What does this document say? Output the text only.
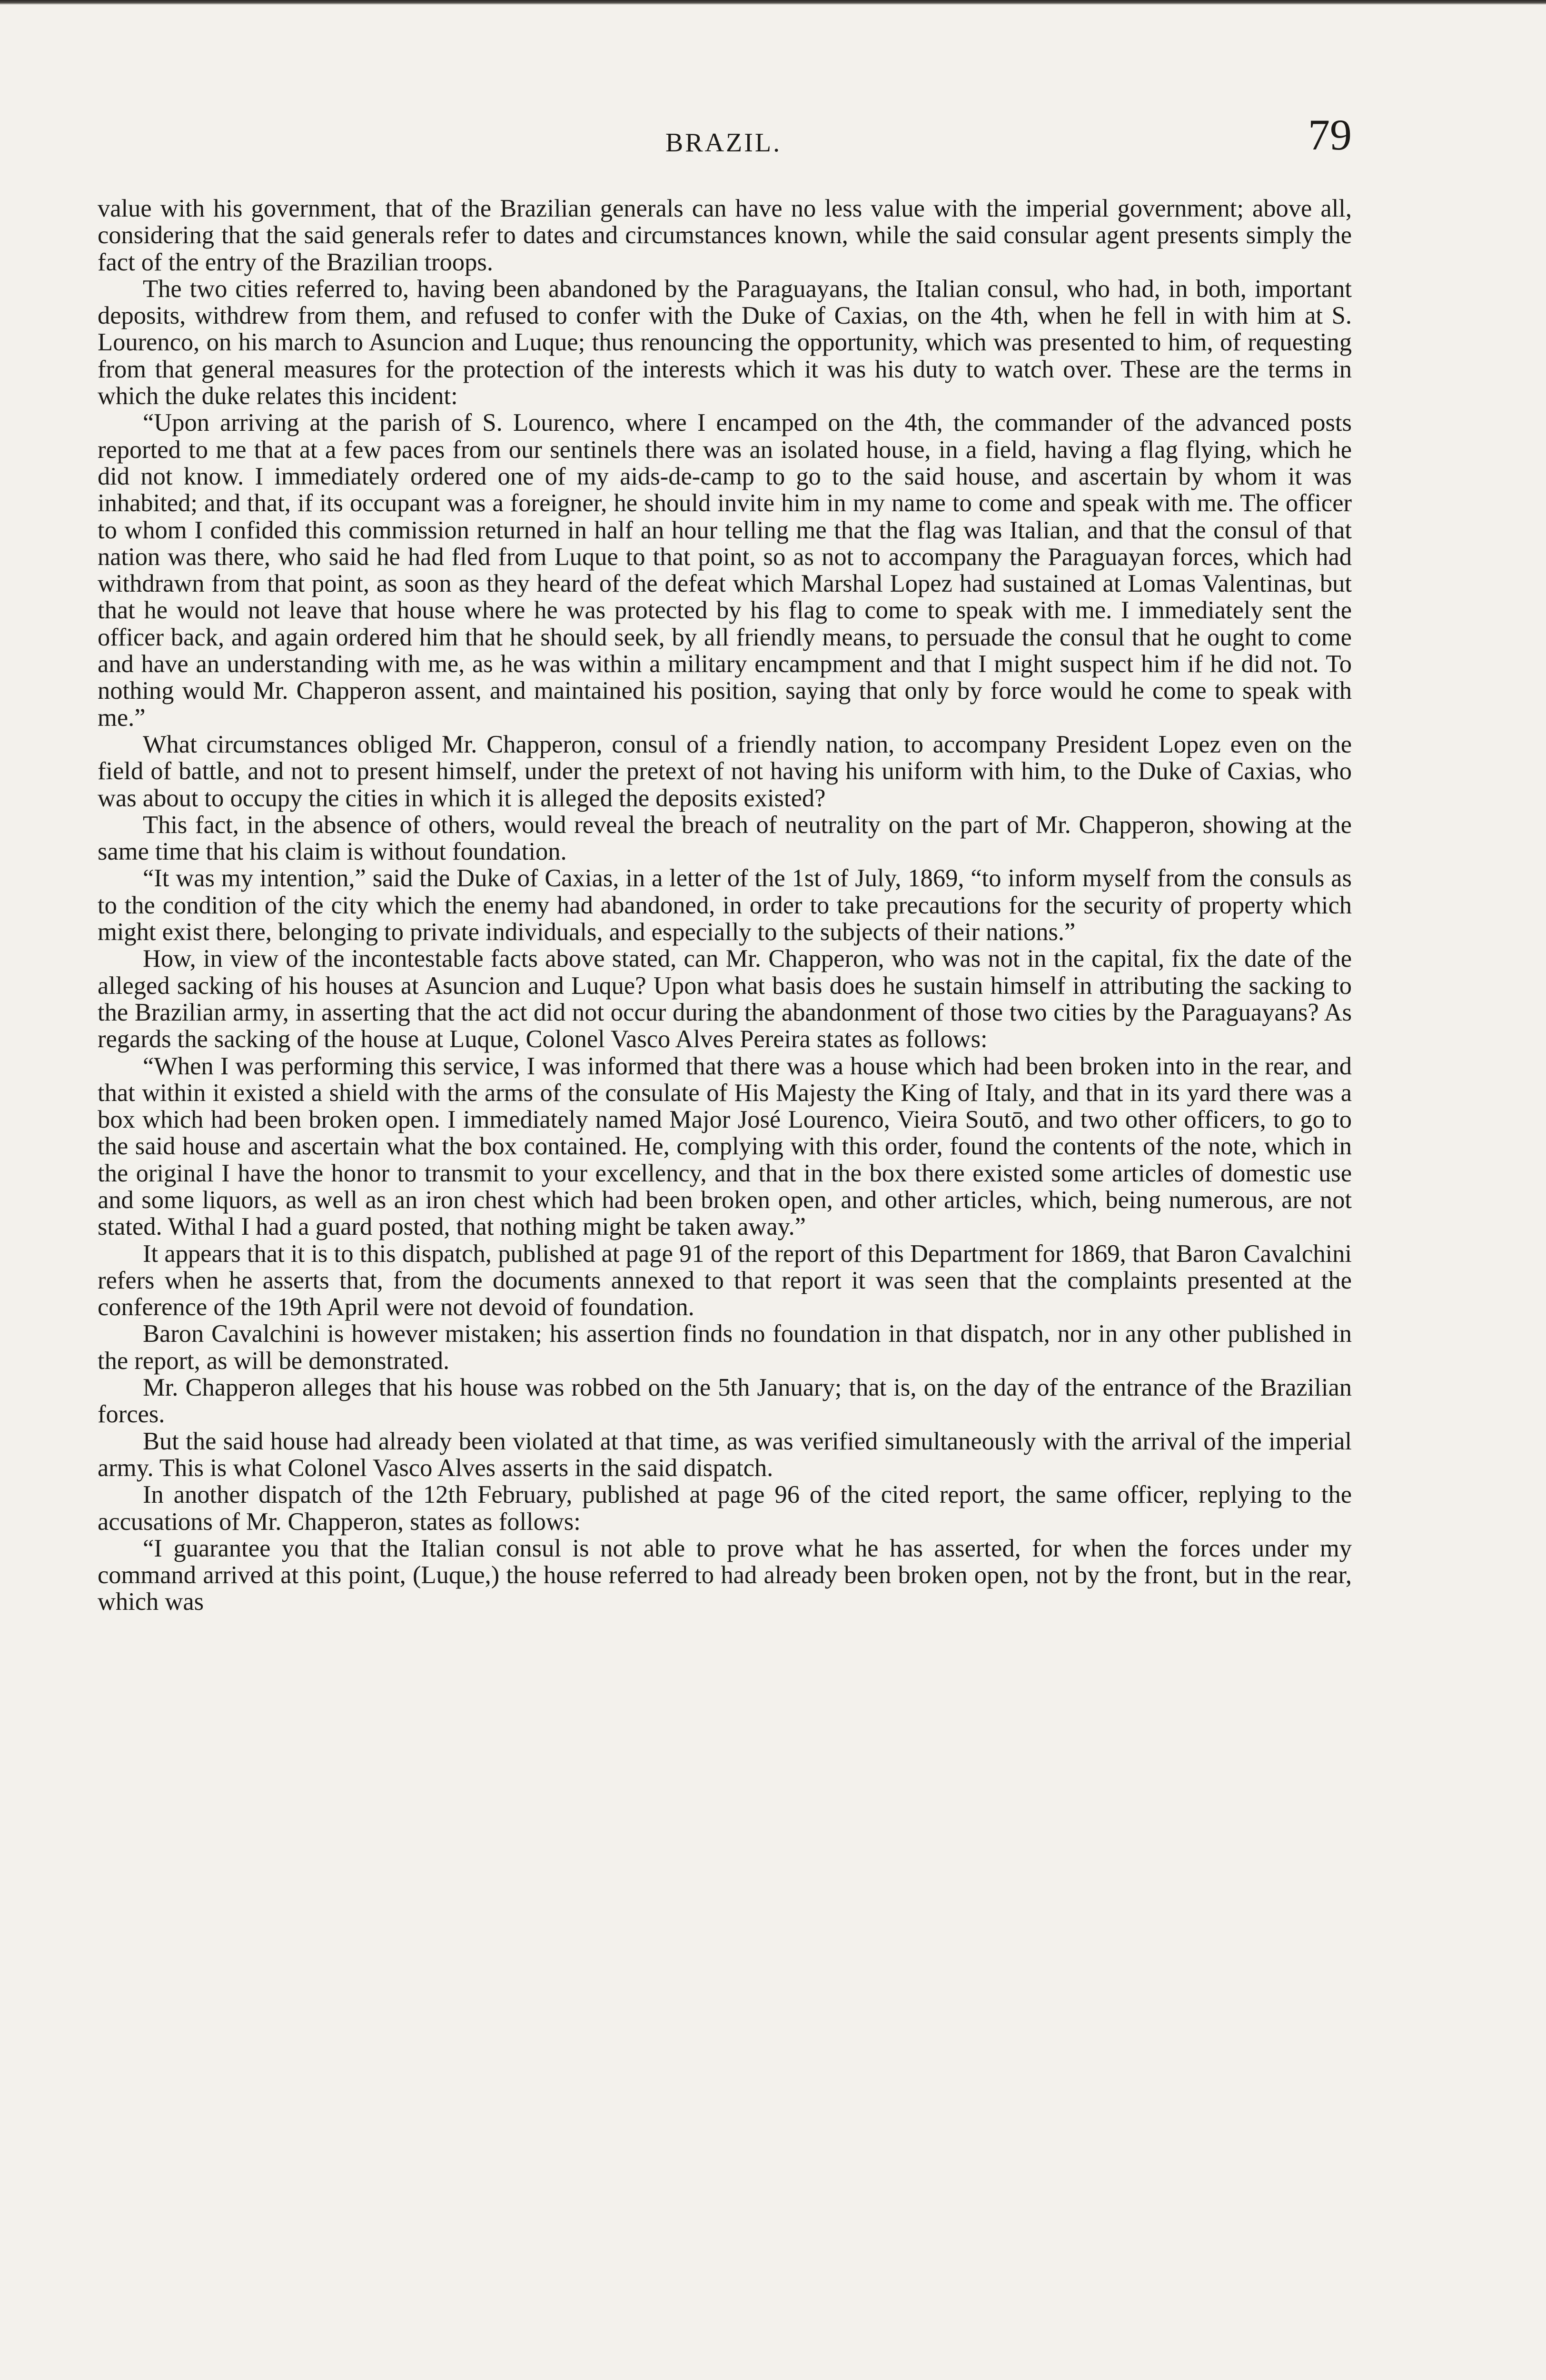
BRAZIL.	79

value with his government, that of the Brazilian generals can have no less value with the imperial government; above all, considering that the said generals refer to dates and circumstances known, while the said consular agent presents simply the fact of the entry of the Brazilian troops.

The two cities referred to, having been abandoned by the Paraguayans, the Italian consul, who had, in both, important deposits, withdrew from them, and refused to confer with the Duke of Caxias, on the 4th, when he fell in with him at S. Lourenco, on his march to Asuncion and Luque; thus renouncing the opportunity, which was presented to him, of requesting from that general measures for the protection of the interests which it was his duty to watch over. These are the terms in which the duke relates this incident:

“Upon arriving at the parish of S. Lourenco, where I encamped on the 4th, the commander of the advanced posts reported to me that at a few paces from our sentinels there was an isolated house, in a field, having a flag flying, which he did not know. I immediately ordered one of my aids-de-camp to go to the said house, and ascertain by whom it was inhabited; and that, if its occupant was a foreigner, he should invite him in my name to come and speak with me. The officer to whom I confided this commission returned in half an hour telling me that the flag was Italian, and that the consul of that nation was there, who said he had fled from Luque to that point, so as not to accompany the Paraguayan forces, which had withdrawn from that point, as soon as they heard of the defeat which Marshal Lopez had sustained at Lomas Valentinas, but that he would not leave that house where he was protected by his flag to come to speak with me. I immediately sent the officer back, and again ordered him that he should seek, by all friendly means, to persuade the consul that he ought to come and have an understanding with me, as he was within a military encampment and that I might suspect him if he did not. To nothing would Mr. Chapperon assent, and maintained his position, saying that only by force would he come to speak with me.”

What circumstances obliged Mr. Chapperon, consul of a friendly nation, to accompany President Lopez even on the field of battle, and not to present himself, under the pretext of not having his uniform with him, to the Duke of Caxias, who was about to occupy the cities in which it is alleged the deposits existed?

This fact, in the absence of others, would reveal the breach of neutrality on the part of Mr. Chapperon, showing at the same time that his claim is without foundation.

“It was my intention,” said the Duke of Caxias, in a letter of the 1st of July, 1869, “to inform myself from the consuls as to the condition of the city which the enemy had abandoned, in order to take precautions for the security of property which might exist there, belonging to private individuals, and especially to the subjects of their nations.”

How, in view of the incontestable facts above stated, can Mr. Chapperon, who was not in the capital, fix the date of the alleged sacking of his houses at Asuncion and Luque? Upon what basis does he sustain himself in attributing the sacking to the Brazilian army, in asserting that the act did not occur during the abandonment of those two cities by the Paraguayans? As regards the sacking of the house at Luque, Colonel Vasco Alves Pereira states as follows:

“When I was performing this service, I was informed that there was a house which had been broken into in the rear, and that within it existed a shield with the arms of the consulate of His Majesty the King of Italy, and that in its yard there was a box which had been broken open. I immediately named Major José Lourenco, Vieira Soutō, and two other officers, to go to the said house and ascertain what the box contained. He, complying with this order, found the contents of the note, which in the original I have the honor to transmit to your excellency, and that in the box there existed some articles of domestic use and some liquors, as well as an iron chest which had been broken open, and other articles, which, being numerous, are not stated. Withal I had a guard posted, that nothing might be taken away.”

It appears that it is to this dispatch, published at page 91 of the report of this Department for 1869, that Baron Cavalchini refers when he asserts that, from the documents annexed to that report it was seen that the complaints presented at the conference of the 19th April were not devoid of foundation.

Baron Cavalchini is however mistaken; his assertion finds no foundation in that dispatch, nor in any other published in the report, as will be demonstrated.

Mr. Chapperon alleges that his house was robbed on the 5th January; that is, on the day of the entrance of the Brazilian forces.

But the said house had already been violated at that time, as was verified simultaneously with the arrival of the imperial army. This is what Colonel Vasco Alves asserts in the said dispatch.

In another dispatch of the 12th February, published at page 96 of the cited report, the same officer, replying to the accusations of Mr. Chapperon, states as follows:

“I guarantee you that the Italian consul is not able to prove what he has asserted, for when the forces under my command arrived at this point, (Luque,) the house referred to had already been broken open, not by the front, but in the rear, which was
